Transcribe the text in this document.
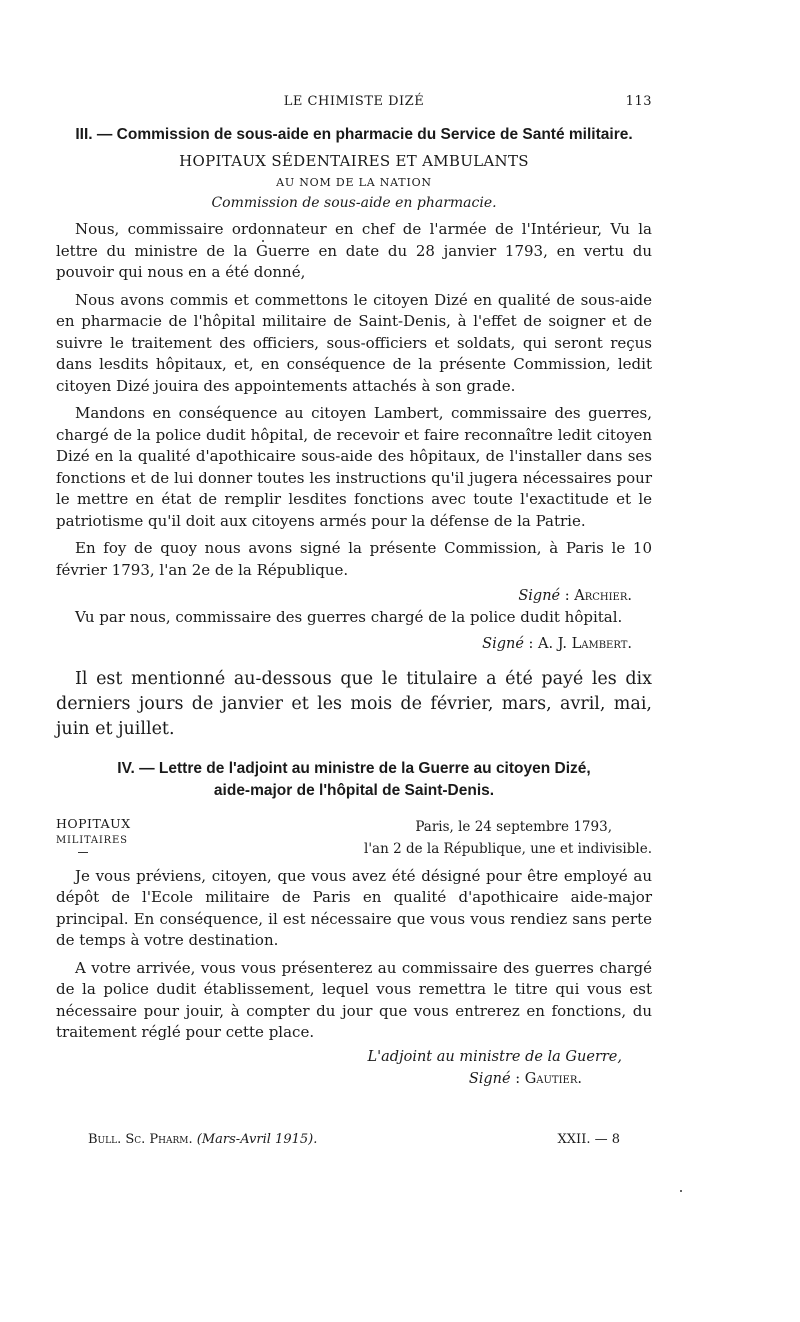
LE CHIMISTE DIZÉ	113
III. — Commission de sous-aide en pharmacie du Service de Santé militaire.
HOPITAUX SÉDENTAIRES ET AMBULANTS
AU NOM DE LA NATION
Commission de sous-aide en pharmacie.

Nous, commissaire ordonnateur en chef de l'armée de l'Intérieur, Vu la lettre du ministre de la Guerre en date du 28 janvier 1793, en vertu du pouvoir qui nous en a été donné,

Nous avons commis et commettons le citoyen Dizé en qualité de sous-aide en pharmacie de l'hôpital militaire de Saint-Denis, à l'effet de soigner et de suivre le traitement des officiers, sous-officiers et soldats, qui seront reçus dans lesdits hôpitaux, et, en conséquence de la présente Commission, ledit citoyen Dizé jouira des appointements attachés à son grade.

Mandons en conséquence au citoyen Lambert, commissaire des guerres, chargé de la police dudit hôpital, de recevoir et faire reconnaître ledit citoyen Dizé en la qualité d'apothicaire sous-aide des hôpitaux, de l'installer dans ses fonctions et de lui donner toutes les instructions qu'il jugera nécessaires pour le mettre en état de remplir lesdites fonctions avec toute l'exactitude et le patriotisme qu'il doit aux citoyens armés pour la défense de la Patrie.

En foy de quoy nous avons signé la présente Commission, à Paris le 10 février 1793, l'an 2e de la République.

Signé : Archier.

Vu par nous, commissaire des guerres chargé de la police dudit hôpital.

Signé : A. J. Lambert.

Il est mentionné au-dessous que le titulaire a été payé les dix derniers jours de janvier et les mois de février, mars, avril, mai, juin et juillet.

IV. — Lettre de l'adjoint au ministre de la Guerre au citoyen Dizé,
aide-major de l'hôpital de Saint-Denis.
HOPITAUX
MILITAIRES
Paris, le 24 septembre 1793,
l'an 2 de la République, une et indivisible.

Je vous préviens, citoyen, que vous avez été désigné pour être employé au dépôt de l'Ecole militaire de Paris en qualité d'apothicaire aide-major principal. En conséquence, il est nécessaire que vous vous rendiez sans perte de temps à votre destination.

A votre arrivée, vous vous présenterez au commissaire des guerres chargé de la police dudit établissement, lequel vous remettra le titre qui vous est nécessaire pour jouir, à compter du jour que vous entrerez en fonctions, du traitement réglé pour cette place.

L'adjoint au ministre de la Guerre,
Signé : Gautier.
Bull. Sc. Pharm. (Mars-Avril 1915).	XXII. — 8
